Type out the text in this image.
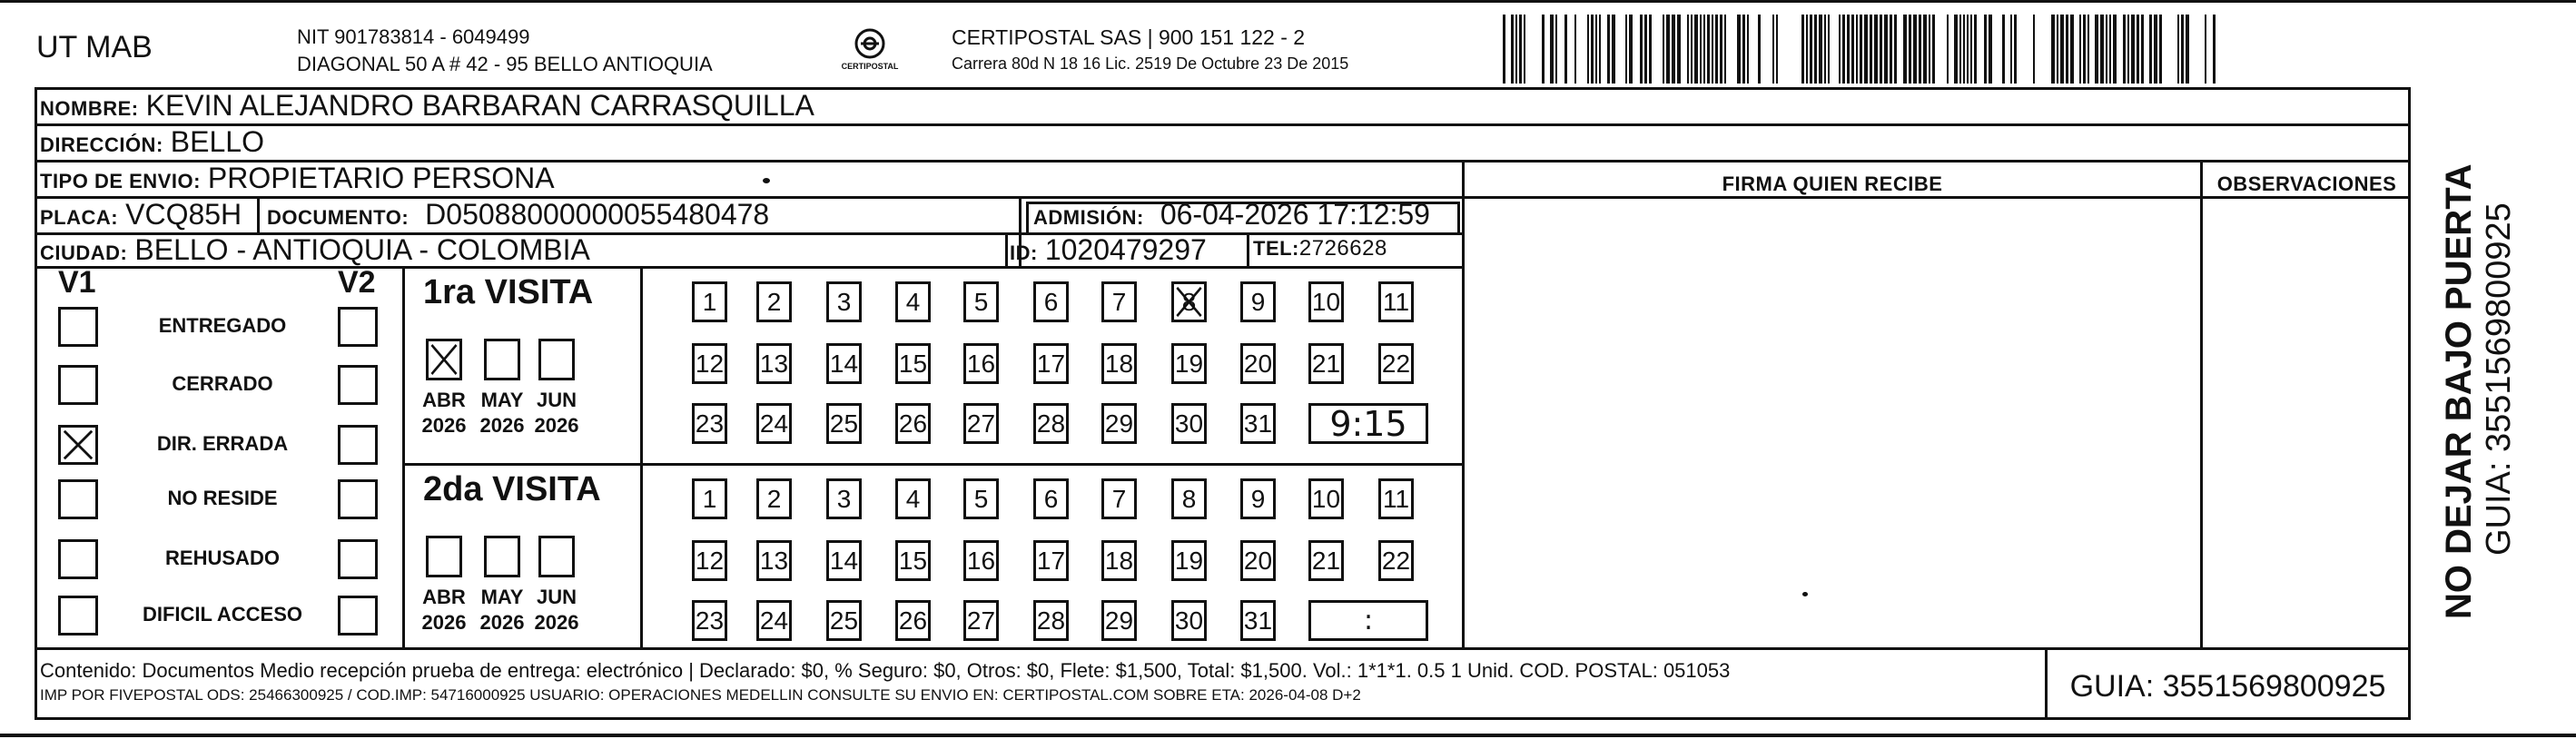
UT MAB	NIT 901783814 - 6049499
DIAGONAL 50 A # 42 - 95 BELLO ANTIOQUIA	CERTIPOSTAL
CERTIPOSTAL SAS | 900 151 122 - 2
Carrera 80d N 18 16 Lic. 2519 De Octubre 23 De 2015
NOMBRE: KEVIN ALEJANDRO BARBARAN CARRASQUILLA
DIRECCIÓN: BELLO
TIPO DE ENVIO: PROPIETARIO PERSONA
PLACA: VCQ85H DOCUMENTO: D05088000000055480478	ADMISIÓN: 06-04-2026 17:12:59
CIUDAD: BELLO - ANTIOQUIA - COLOMBIA	ID: 1020479297 TEL: 2726628
FIRMA QUIEN RECIBE	OBSERVACIONES
V1	V2
ENTREGADO
CERRADO
DIR. ERRADA
NO RESIDE
REHUSADO
DIFICIL ACCESO
1ra VISITA
ABR
2026
MAY
2026
JUN
2026
1 2 3 4 5 6 7 8 9 10 11
12 13 14 15 16 17 18 19 20 21 22
23 24 25 26 27 28 29 30 31 9:15
2da VISITA
ABR
2026
MAY
2026
JUN
2026
1 2 3 4 5 6 7 8 9 10 11
12 13 14 15 16 17 18 19 20 21 22
23 24 25 26 27 28 29 30 31	:
Contenido: Documentos Medio recepción prueba de entrega: electrónico | Declarado: $0, % Seguro: $0, Otros: $0, Flete: $1,500, Total: $1,500. Vol.: 1*1*1. 0.5 1 Unid. COD. POSTAL: 051053
IMP POR FIVEPOSTAL ODS: 25466300925 / COD.IMP: 54716000925 USUARIO: OPERACIONES MEDELLIN CONSULTE SU ENVIO EN: CERTIPOSTAL.COM SOBRE ETA: 2026-04-08 D+2	GUIA: 3551569800925
NO DEJAR BAJO PUERTA GUIA: 3551569800925
